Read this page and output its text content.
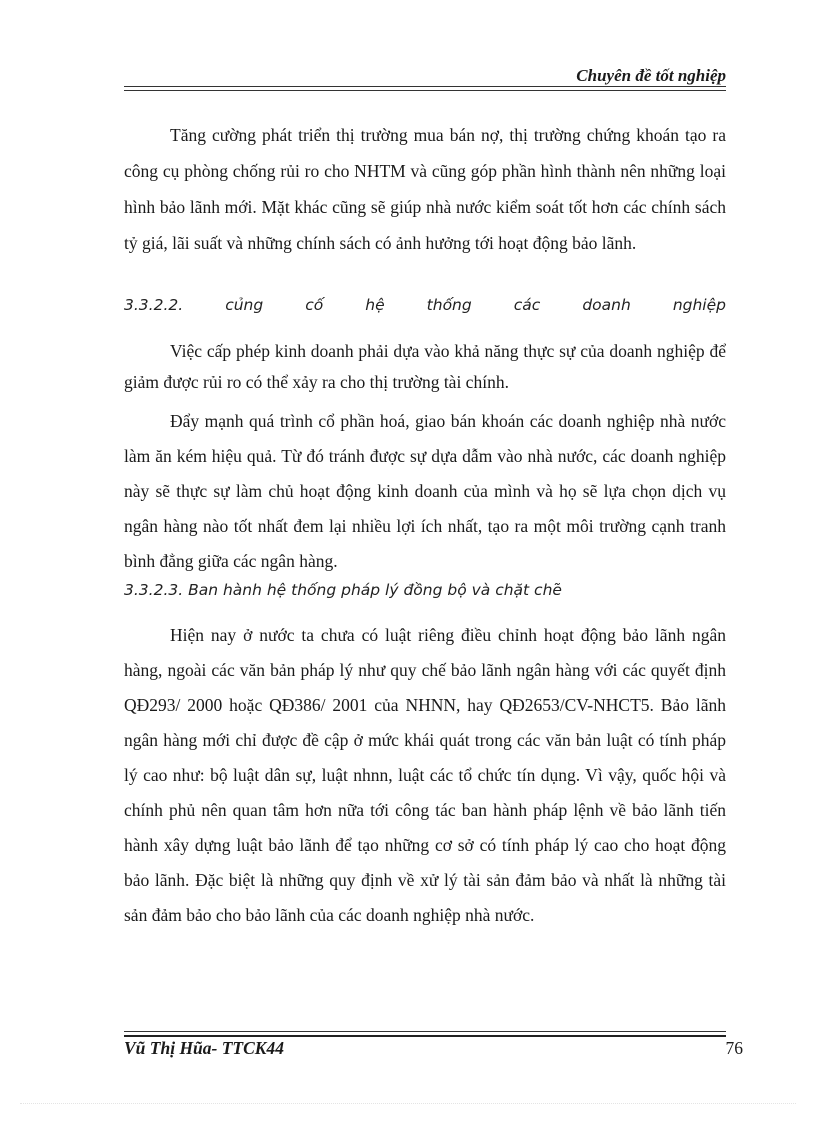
Chuyên đề tốt nghiệp

Tăng cường phát triển thị trường mua bán nợ, thị trường chứng khoán tạo ra công cụ phòng chống rủi ro cho NHTM và cũng góp phần hình thành nên những loại hình bảo lãnh mới. Mặt khác cũng sẽ giúp nhà nước kiểm soát tốt hơn các chính sách tỷ giá, lãi suất và những chính sách có ảnh hưởng tới hoạt động bảo lãnh.

3.3.2.2. củng cố hệ thống các doanh nghiệp

Việc cấp phép kinh doanh phải dựa vào khả năng thực sự của doanh nghiệp để giảm được rủi ro có thể xảy ra cho thị trường tài chính.

Đẩy mạnh quá trình cổ phần hoá, giao bán khoán các doanh nghiệp nhà nước làm ăn kém hiệu quả. Từ đó tránh được sự dựa dẫm vào nhà nước, các doanh nghiệp này sẽ thực sự làm chủ hoạt động kinh doanh của mình và họ sẽ lựa chọn dịch vụ ngân hàng nào tốt nhất đem lại nhiều lợi ích nhất, tạo ra một môi trường cạnh tranh bình đẳng giữa các ngân hàng.

3.3.2.3. Ban hành hệ thống pháp lý đồng bộ và chặt chẽ

Hiện nay ở nước ta chưa có luật riêng điều chỉnh hoạt động bảo lãnh ngân hàng, ngoài các văn bản pháp lý như quy chế bảo lãnh ngân hàng với các quyết định QĐ293/ 2000 hoặc QĐ386/ 2001 của NHNN, hay QĐ2653/CV-NHCT5. Bảo lãnh ngân hàng mới chỉ được đề cập ở mức khái quát trong các văn bản luật có tính pháp lý cao như: bộ luật dân sự, luật nhnn, luật các tổ chức tín dụng. Vì vậy, quốc hội và chính phủ nên quan tâm hơn nữa tới công tác ban hành pháp lệnh về bảo lãnh tiến hành xây dựng luật bảo lãnh để tạo những cơ sở có tính pháp lý cao cho hoạt động bảo lãnh. Đặc biệt là những quy định về xử lý tài sản đảm bảo và nhất là những tài sản đảm bảo cho bảo lãnh của các doanh nghiệp nhà nước.

Vũ Thị Hũa- TTCK44	76
